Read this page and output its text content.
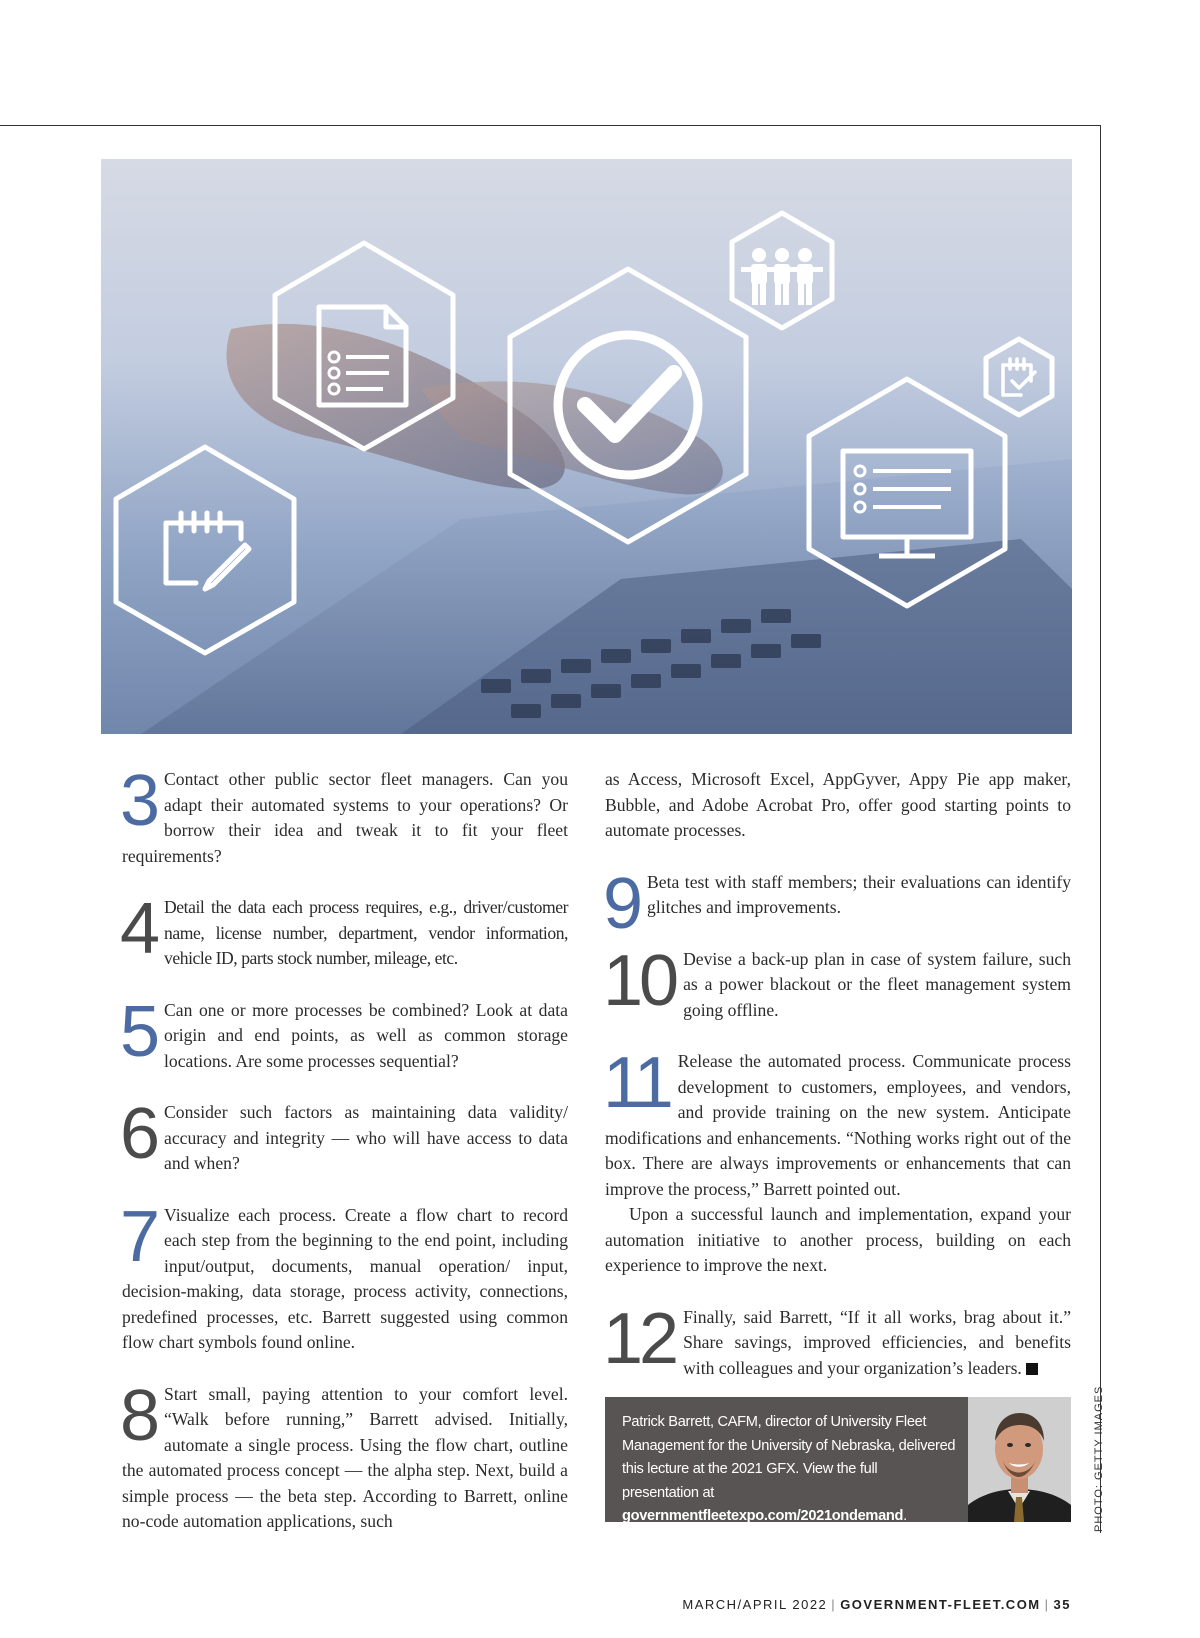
3 Contact other public sector fleet managers. Can you adapt their automated systems to your operations? Or borrow their idea and tweak it to fit your fleet requirements?

4 Detail the data each process requires, e.g., driver/customer name, license number, department, vendor information, vehicle ID, parts stock number, mileage, etc.

5 Can one or more processes be combined? Look at data origin and end points, as well as common storage locations. Are some processes sequential?

6 Consider such factors as maintaining data validity/ accuracy and integrity — who will have access to data and when?

7 Visualize each process. Create a flow chart to record each step from the beginning to the end point, including input/output, documents, manual operation/ input, decision-making, data storage, process activity, connections, predefined processes, etc. Barrett suggested using common flow chart symbols found online.

8 Start small, paying attention to your comfort level. “Walk before running,” Barrett advised. Initially, automate a single process. Using the flow chart, outline the automated process concept — the alpha step. Next, build a simple process — the beta step. According to Barrett, online no-code automation applications, such

as Access, Microsoft Excel, AppGyver, Appy Pie app maker, Bubble, and Adobe Acrobat Pro, offer good starting points to automate processes.

9 Beta test with staff members; their evaluations can identify glitches and improvements.

10 Devise a back-up plan in case of system failure, such as a power blackout or the fleet management system going offline.

11 Release the automated process. Communicate process development to customers, employees, and vendors, and provide training on the new system. Anticipate modifications and enhancements. “Nothing works right out of the box. There are always improvements or enhancements that can improve the process,” Barrett pointed out.

Upon a successful launch and implementation, expand your automation initiative to another process, building on each experience to improve the next.

12 Finally, said Barrett, “If it all works, brag about it.” Share savings, improved efficiencies, and benefits with colleagues and your organization’s leaders.

Patrick Barrett, CAFM, director of University Fleet Management for the University of Nebraska, delivered this lecture at the 2021 GFX. View the full presentation at governmentfleetexpo.com/2021ondemand.	PHOTO: GETTY IMAGES
MARCH/APRIL 2022 | GOVERNMENT-FLEET.COM | 35
